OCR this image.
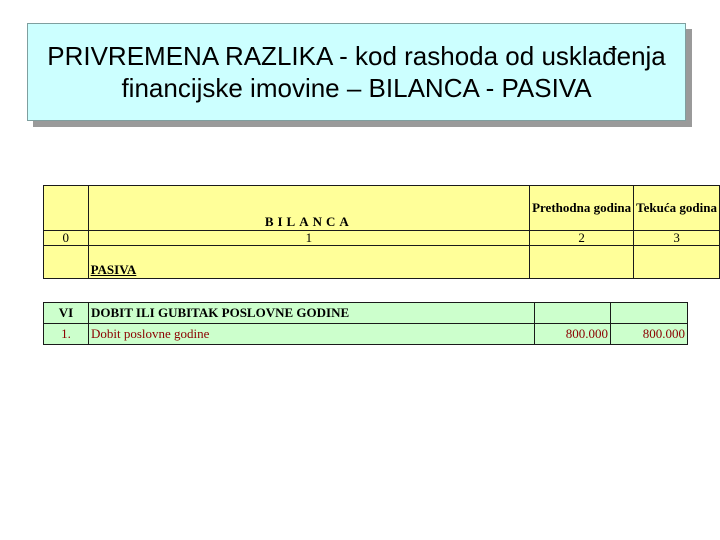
PRIVREMENA RAZLIKA - kod rashoda od usklađenja financijske imovine – BILANCA - PASIVA
	BILANCA	Prethodna godina	Tekuća godina
0	1	2	3
	PASIVA		
VI	DOBIT ILI GUBITAK POSLOVNE GODINE		
1.	Dobit poslovne godine	800.000	800.000
